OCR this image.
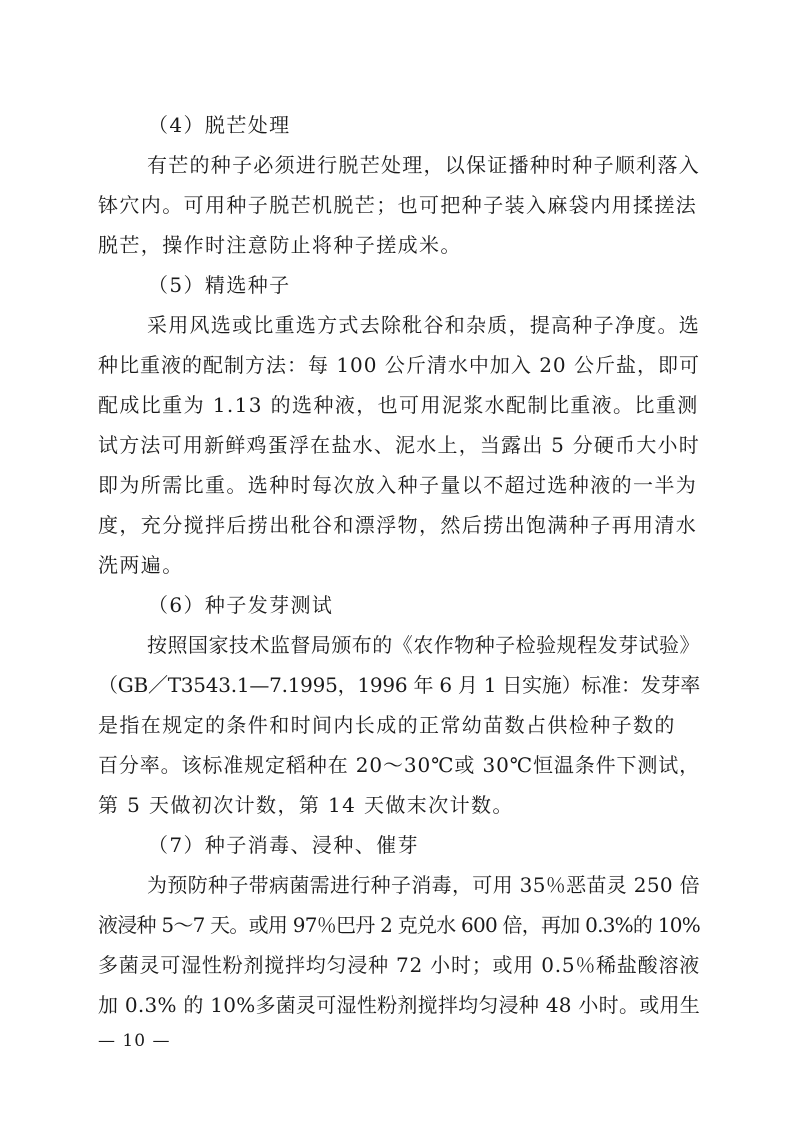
（4）脱芒处理
有芒的种子必须进行脱芒处理，以保证播种时种子顺利落入
钵穴内。可用种子脱芒机脱芒；也可把种子装入麻袋内用揉搓法
脱芒，操作时注意防止将种子搓成米。
（5）精选种子
采用风选或比重选方式去除秕谷和杂质，提高种子净度。选
种比重液的配制方法：每 100 公斤清水中加入 20 公斤盐，即可
配成比重为 1.13 的选种液，也可用泥浆水配制比重液。比重测
试方法可用新鲜鸡蛋浮在盐水、泥水上，当露出 5 分硬币大小时
即为所需比重。选种时每次放入种子量以不超过选种液的一半为
度，充分搅拌后捞出秕谷和漂浮物，然后捞出饱满种子再用清水
洗两遍。
（6）种子发芽测试
按照国家技术监督局颁布的《农作物种子检验规程发芽试验》
（GB／T3543.1—7.1995，1996 年 6 月 1 日实施）标准：发芽率
是指在规定的条件和时间内长成的正常幼苗数占供检种子数的
百分率。该标准规定稻种在 20～30℃或 30℃恒温条件下测试，
第 5 天做初次计数，第 14 天做末次计数。
（7）种子消毒、浸种、催芽
为预防种子带病菌需进行种子消毒，可用 35％恶苗灵 250 倍
液浸种 5～7 天。或用 97％巴丹 2 克兑水 600 倍，再加 0.3%的 10%
多菌灵可湿性粉剂搅拌均匀浸种 72 小时；或用 0.5％稀盐酸溶液
加 0.3% 的 10%多菌灵可湿性粉剂搅拌均匀浸种 48 小时。或用生
— 10 —
